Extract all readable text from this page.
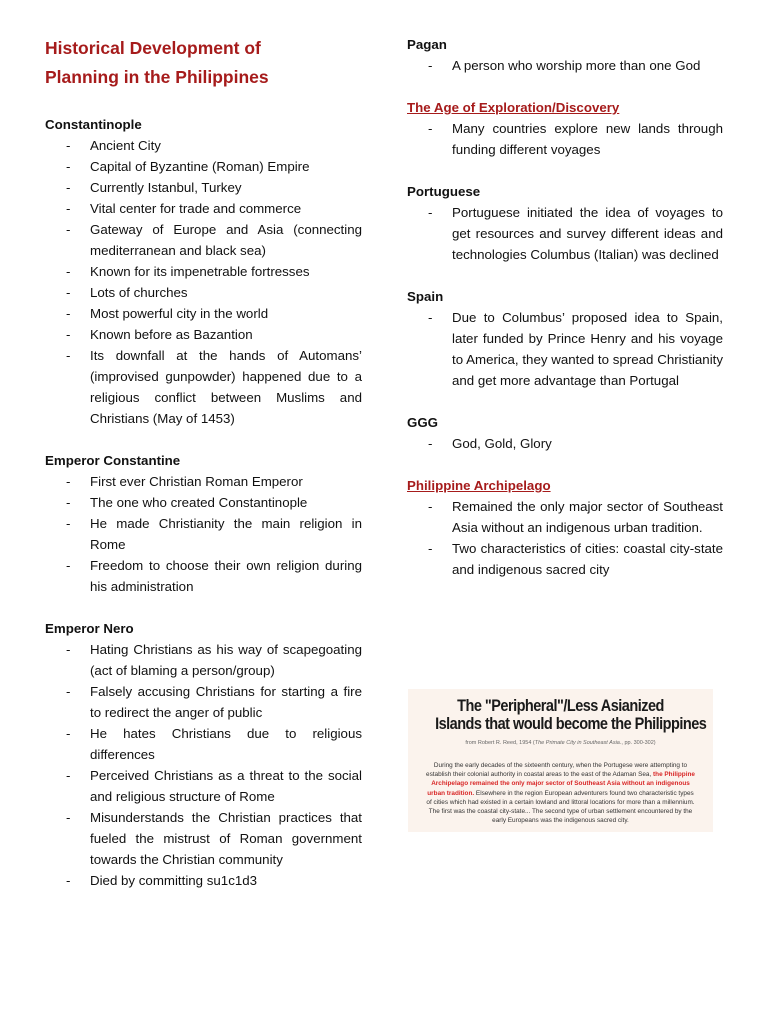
Historical Development of
Planning in the Philippines

Constantinople

- Ancient City
- Capital of Byzantine (Roman) Empire
- Currently Istanbul, Turkey
- Vital center for trade and commerce
- Gateway of Europe and Asia (connecting mediterranean and black sea)
- Known for its impenetrable fortresses
- Lots of churches
- Most powerful city in the world
- Known before as Bazantion
- Its downfall at the hands of Automans’ (improvised gunpowder) happened due to a religious conflict between Muslims and Christians (May of 1453)

Emperor Constantine

- First ever Christian Roman Emperor
- The one who created Constantinople
- He made Christianity the main religion in Rome
- Freedom to choose their own religion during his administration

Emperor Nero

- Hating Christians as his way of scapegoating (act of blaming a person/group)
- Falsely accusing Christians for starting a fire to redirect the anger of public
- He hates Christians due to religious differences
- Perceived Christians as a threat to the social and religious structure of Rome
- Misunderstands the Christian practices that fueled the mistrust of Roman government towards the Christian community
- Died by committing su1c1d3

Pagan

- A person who worship more than one God

The Age of Exploration/Discovery

- Many countries explore new lands through funding different voyages

Portuguese

- Portuguese initiated the idea of voyages to get resources and survey different ideas and technologies Columbus (Italian) was declined

Spain

- Due to Columbus’ proposed idea to Spain, later funded by Prince Henry and his voyage to America, they wanted to spread Christianity and get more advantage than Portugal

GGG

- God, Gold, Glory

Philippine Archipelago

- Remained the only major sector of Southeast Asia without an indigenous urban tradition.
- Two characteristics of cities: coastal city-state and indigenous sacred city
The "Peripheral"/Less Asianized
Islands that would become the Philippines
from Robert R. Reed, 1954 (The Primate City in Southeast Asia., pp. 300-302)
During the early decades of the sixteenth century, when the Portugese were attempting to establish their colonial authority in coastal areas to the east of the Adaman Sea, the Philippine Archipelago remained the only major sector of Southeast Asia without an indigenous urban tradition. Elsewhere in the region European adventurers found two characteristic types of cities which had existed in a certain lowland and littoral locations for more than a millennium. The first was the coastal city-state... The second type of urban settlement encountered by the early Europeans was the indigenous sacred city.
